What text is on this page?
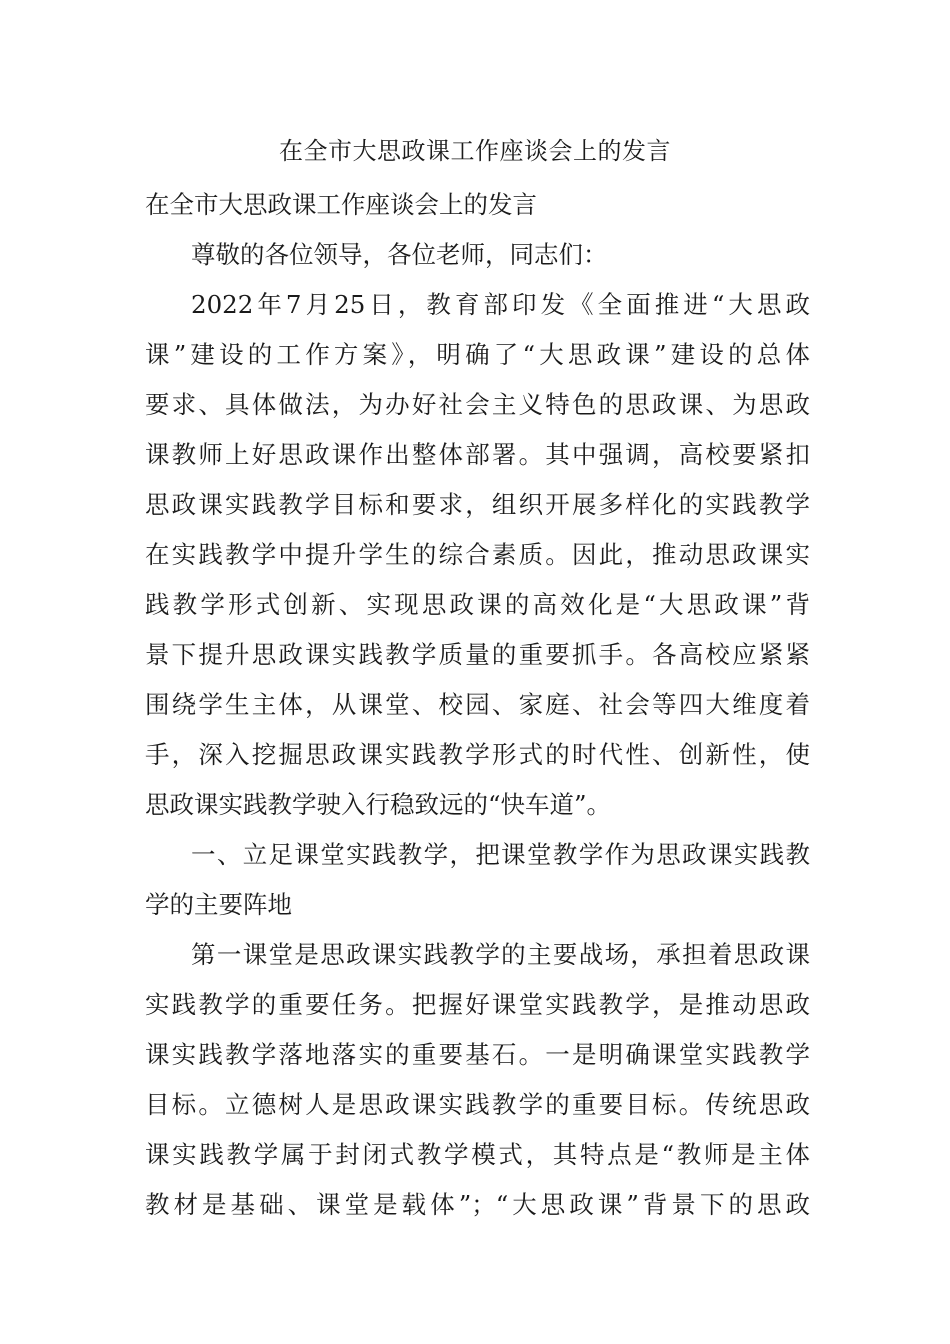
在全市大思政课工作座谈会上的发言
在全市大思政课工作座谈会上的发言
尊敬的各位领导，各位老师，同志们：
2022年7月25日，教育部印发《全面推进“大思政
课”建设的工作方案》，明确了“大思政课”建设的总体
要求、具体做法，为办好社会主义特色的思政课、为思政
课教师上好思政课作出整体部署。其中强调，高校要紧扣
思政课实践教学目标和要求，组织开展多样化的实践教学
在实践教学中提升学生的综合素质。因此，推动思政课实
践教学形式创新、实现思政课的高效化是“大思政课”背
景下提升思政课实践教学质量的重要抓手。各高校应紧紧
围绕学生主体，从课堂、校园、家庭、社会等四大维度着
手，深入挖掘思政课实践教学形式的时代性、创新性，使
思政课实践教学驶入行稳致远的“快车道”。
一、立足课堂实践教学，把课堂教学作为思政课实践教
学的主要阵地
第一课堂是思政课实践教学的主要战场，承担着思政课
实践教学的重要任务。把握好课堂实践教学，是推动思政
课实践教学落地落实的重要基石。一是明确课堂实践教学
目标。立德树人是思政课实践教学的重要目标。传统思政
课实践教学属于封闭式教学模式，其特点是“教师是主体
教材是基础、课堂是载体”；“大思政课”背景下的思政
